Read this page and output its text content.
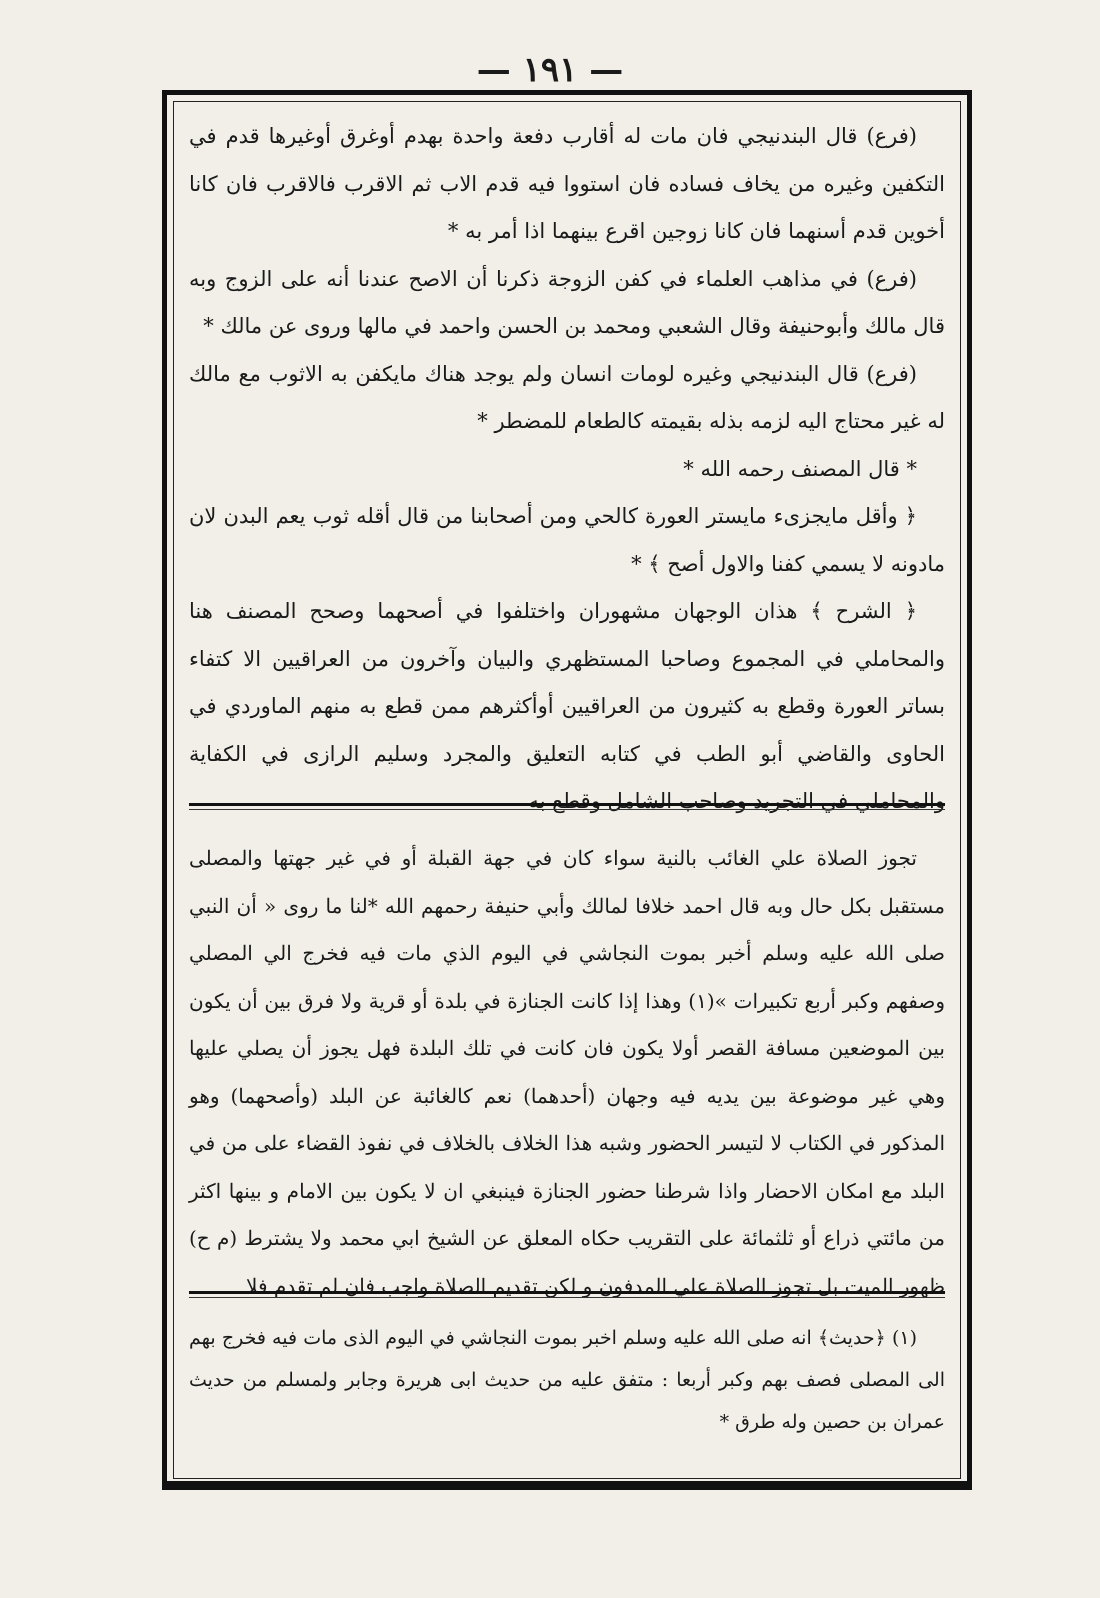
— ١٩١ —

(فرع) قال البندنيجي فان مات له أقارب دفعة واحدة بهدم أوغرق أوغيرها قدم في التكفين وغيره من يخاف فساده فان استووا فيه قدم الاب ثم الاقرب فالاقرب فان كانا أخوين قدم أسنهما فان كانا زوجين اقرع بينهما اذا أمر به *

(فرع) في مذاهب العلماء في كفن الزوجة ذكرنا أن الاصح عندنا أنه على الزوج وبه قال مالك وأبوحنيفة وقال الشعبي ومحمد بن الحسن واحمد في مالها وروى عن مالك *

(فرع) قال البندنيجي وغيره لومات انسان ولم يوجد هناك مايكفن به الاثوب مع مالك له غير محتاج اليه لزمه بذله بقيمته كالطعام للمضطر *

* قال المصنف رحمه الله *

﴿ وأقل مايجزىء مايستر العورة كالحي ومن أصحابنا من قال أقله ثوب يعم البدن لان مادونه لا يسمي كفنا والاول أصح ﴾ *

﴿ الشرح ﴾ هذان الوجهان مشهوران واختلفوا في أصحهما وصحح المصنف هنا والمحاملي في المجموع وصاحبا المستظهري والبيان وآخرون من العراقيين الا كتفاء بساتر العورة وقطع به كثيرون من العراقيين أوأكثرهم ممن قطع به منهم الماوردي في الحاوى والقاضي أبو الطب في كتابه التعليق والمجرد وسليم الرازى في الكفاية والمحاملي في التجريد وصاحب الشامل وقطع به

تجوز الصلاة علي الغائب بالنية سواء كان في جهة القبلة أو في غير جهتها والمصلى مستقبل بكل حال وبه قال احمد خلافا لمالك وأبي حنيفة رحمهم الله *لنا ما روى « أن النبي صلى الله عليه وسلم أخبر بموت النجاشي في اليوم الذي مات فيه فخرج الي المصلي وصفهم وكبر أربع تكبيرات »(١) وهذا إذا كانت الجنازة في بلدة أو قرية ولا فرق بين أن يكون بين الموضعين مسافة القصر أولا يكون فان كانت في تلك البلدة فهل يجوز أن يصلي عليها وهي غير موضوعة بين يديه فيه وجهان (أحدهما) نعم كالغائبة عن البلد (وأصحهما) وهو المذكور في الكتاب لا لتيسر الحضور وشبه هذا الخلاف بالخلاف في نفوذ القضاء على من في البلد مع امكان الاحضار واذا شرطنا حضور الجنازة فينبغي ان لا يكون بين الامام و بينها اكثر من مائتي ذراع أو ثلثمائة على التقريب حكاه المعلق عن الشيخ ابي محمد ولا يشترط (م ح) ظهور الميت بل تجوز الصلاة علي المدفون و لكن تقديم الصلاة واجب فان لم تقدم فلا

(١) ﴿حديث﴾ انه صلى الله عليه وسلم اخبر بموت النجاشي في اليوم الذى مات فيه فخرج بهم الى المصلى فصف بهم وكبر أربعا : متفق عليه من حديث ابى هريرة وجابر ولمسلم من حديث عمران بن حصين وله طرق *
